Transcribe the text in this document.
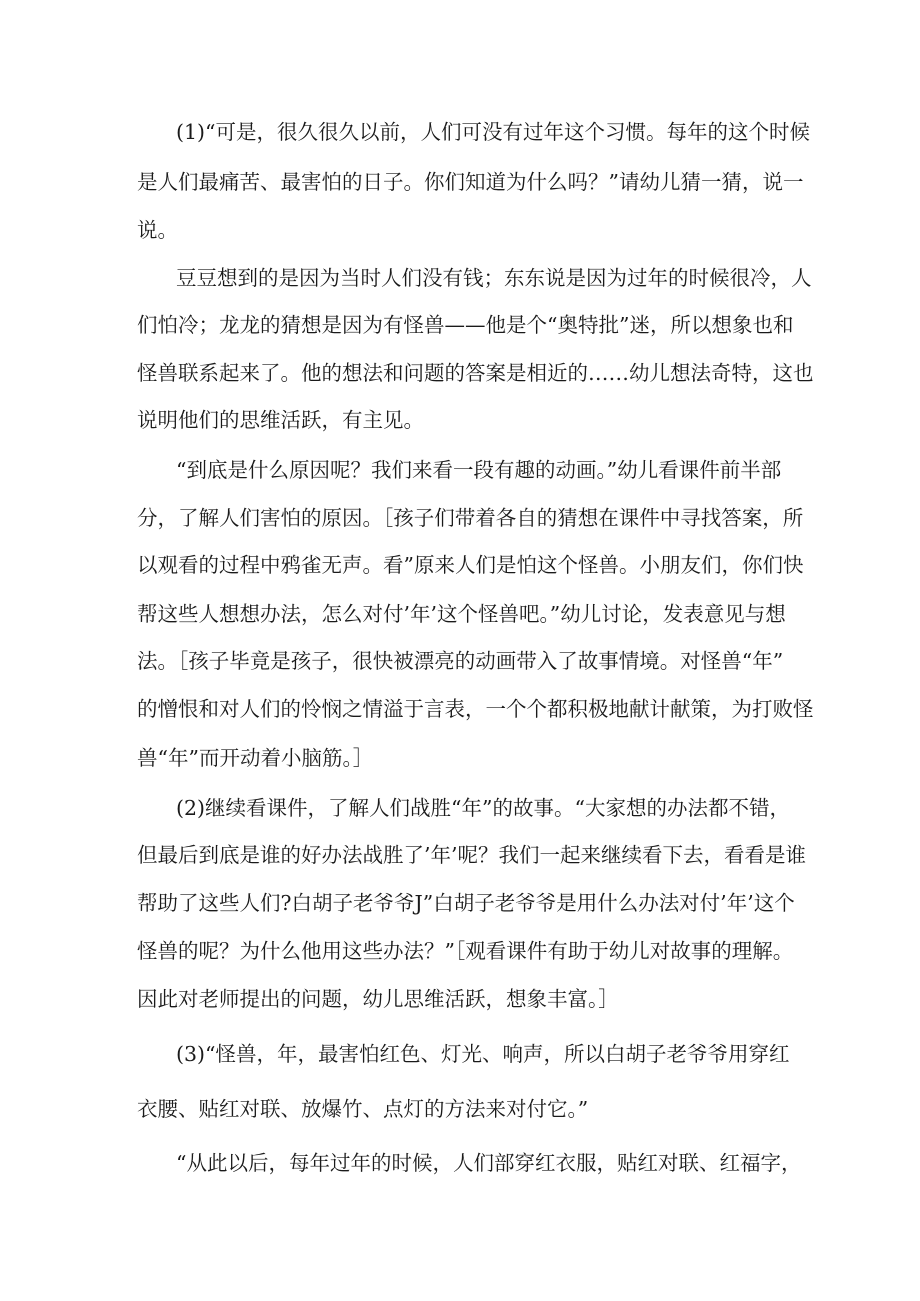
(1)“可是，很久很久以前，人们可没有过年这个习惯。每年的这个时候

是人们最痛苦、最害怕的日子。你们知道为什么吗？”请幼儿猜一猜，说一

说。

豆豆想到的是因为当时人们没有钱；东东说是因为过年的时候很冷，人

们怕冷；龙龙的猜想是因为有怪兽——他是个“奥特批”迷，所以想象也和

怪兽联系起来了。他的想法和问题的答案是相近的……幼儿想法奇特，这也

说明他们的思维活跃，有主见。

“到底是什么原因呢？我们来看一段有趣的动画。”幼儿看课件前半部

分，了解人们害怕的原因。［孩子们带着各自的猜想在课件中寻找答案，所

以观看的过程中鸦雀无声。看”原来人们是怕这个怪兽。小朋友们，你们快

帮这些人想想办法，怎么对付’年’这个怪兽吧。”幼儿讨论，发表意见与想

法。［孩子毕竟是孩子，很快被漂亮的动画带入了故事情境。对怪兽“年”

的憎恨和对人们的怜悯之情溢于言表，一个个都积极地献计献策，为打败怪

兽“年”而开动着小脑筋。］

(2)继续看课件，了解人们战胜“年”的故事。“大家想的办法都不错，

但最后到底是谁的好办法战胜了’年’呢？我们一起来继续看下去，看看是谁

帮助了这些人们?白胡子老爷爷J”白胡子老爷爷是用什么办法对付’年’这个

怪兽的呢？为什么他用这些办法？”［观看课件有助于幼儿对故事的理解。

因此对老师提出的问题，幼儿思维活跃，想象丰富。］

(3)“怪兽，年，最害怕红色、灯光、响声，所以白胡子老爷爷用穿红

衣腰、贴红对联、放爆竹、点灯的方法来对付它。”

“从此以后，每年过年的时候，人们部穿红衣服，贴红对联、红福字，
